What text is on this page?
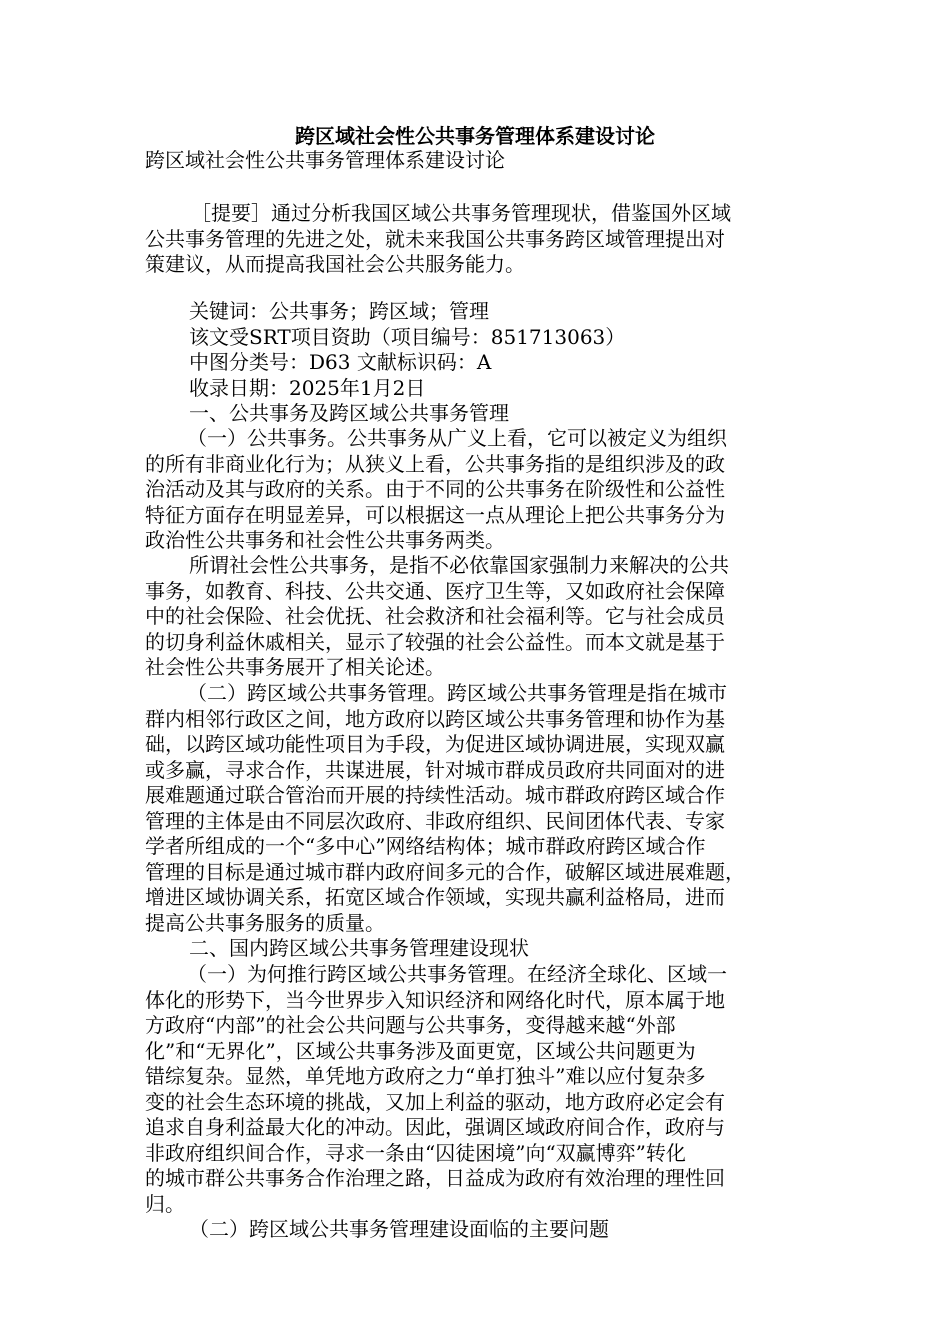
跨区域社会性公共事务管理体系建设讨论
跨区域社会性公共事务管理体系建设讨论
［提要］通过分析我国区域公共事务管理现状，借鉴国外区域
公共事务管理的先进之处，就未来我国公共事务跨区域管理提出对
策建议，从而提高我国社会公共服务能力。
关键词：公共事务；跨区域；管理
该文受SRT项目资助（项目编号：851713063）
中图分类号：D63 文献标识码：A
收录日期：2025年1月2日
一、公共事务及跨区域公共事务管理
（一）公共事务。公共事务从广义上看，它可以被定义为组织
的所有非商业化行为；从狭义上看，公共事务指的是组织涉及的政
治活动及其与政府的关系。由于不同的公共事务在阶级性和公益性
特征方面存在明显差异，可以根据这一点从理论上把公共事务分为
政治性公共事务和社会性公共事务两类。
所谓社会性公共事务，是指不必依靠国家强制力来解决的公共
事务，如教育、科技、公共交通、医疗卫生等，又如政府社会保障
中的社会保险、社会优抚、社会救济和社会福利等。它与社会成员
的切身利益休戚相关，显示了较强的社会公益性。而本文就是基于
社会性公共事务展开了相关论述。
（二）跨区域公共事务管理。跨区域公共事务管理是指在城市
群内相邻行政区之间，地方政府以跨区域公共事务管理和协作为基
础，以跨区域功能性项目为手段，为促进区域协调进展，实现双赢
或多赢，寻求合作，共谋进展，针对城市群成员政府共同面对的进
展难题通过联合管治而开展的持续性活动。城市群政府跨区域合作
管理的主体是由不同层次政府、非政府组织、民间团体代表、专家
学者所组成的一个“多中心”网络结构体；城市群政府跨区域合作
管理的目标是通过城市群内政府间多元的合作，破解区域进展难题，
增进区域协调关系，拓宽区域合作领域，实现共赢利益格局，进而
提高公共事务服务的质量。
二、国内跨区域公共事务管理建设现状
（一）为何推行跨区域公共事务管理。在经济全球化、区域一
体化的形势下，当今世界步入知识经济和网络化时代，原本属于地
方政府“内部”的社会公共问题与公共事务，变得越来越“外部
化”和“无界化”，区域公共事务涉及面更宽，区域公共问题更为
错综复杂。显然，单凭地方政府之力“单打独斗”难以应付复杂多
变的社会生态环境的挑战，又加上利益的驱动，地方政府必定会有
追求自身利益最大化的冲动。因此，强调区域政府间合作，政府与
非政府组织间合作，寻求一条由“囚徒困境”向“双赢博弈”转化
的城市群公共事务合作治理之路，日益成为政府有效治理的理性回
归。
（二）跨区域公共事务管理建设面临的主要问题
